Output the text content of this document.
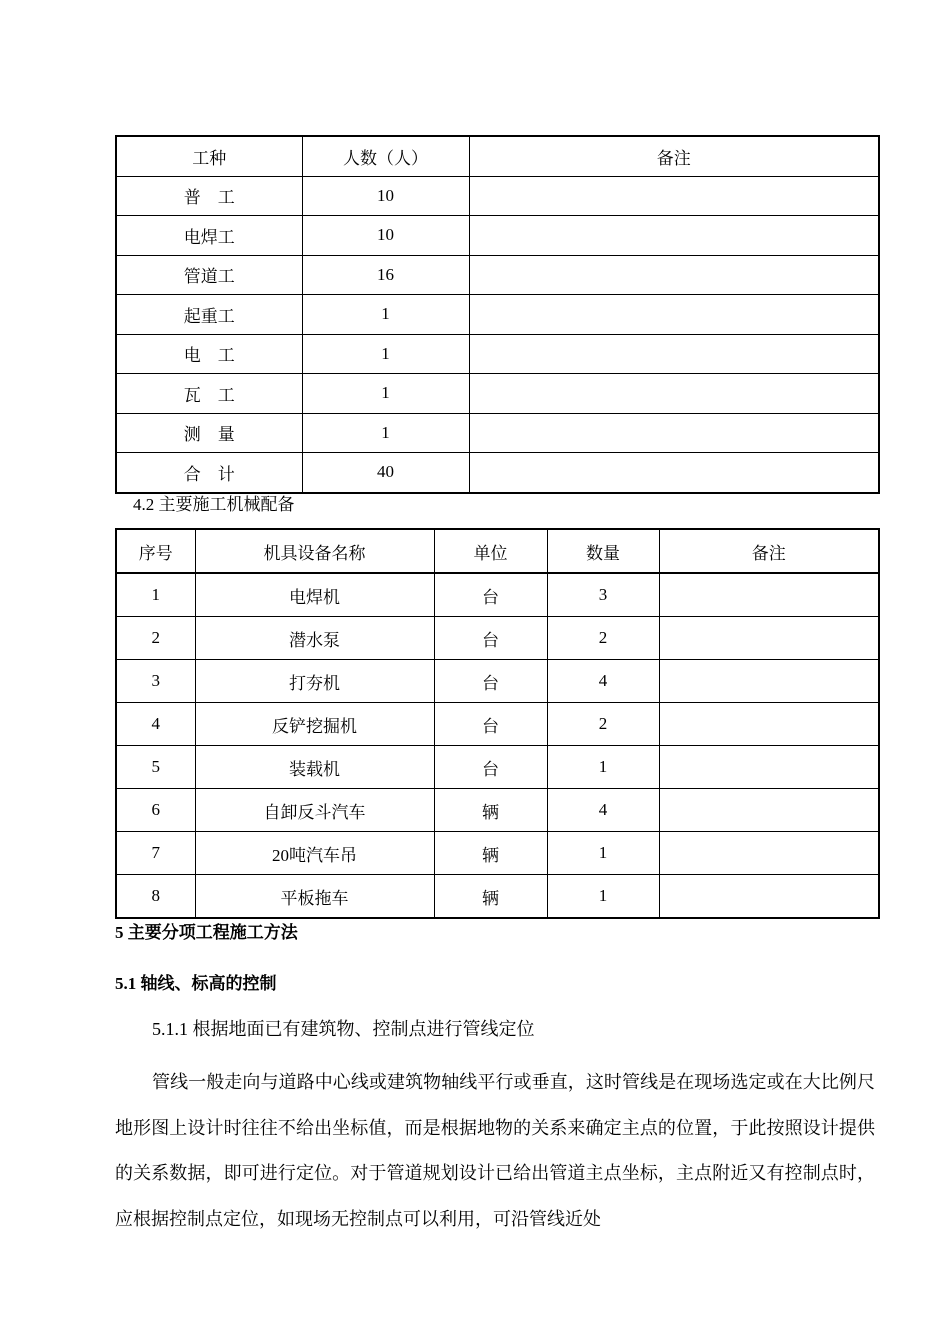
工种	人数（人）	备注
普　工	10	
电焊工	10	
管道工	16	
起重工	1	
电　工	1	
瓦　工	1	
测　量	1	
合　计	40	
4.2 主要施工机械配备
序号	机具设备名称	单位	数量	备注
1	电焊机	台	3	
2	潜水泵	台	2	
3	打夯机	台	4	
4	反铲挖掘机	台	2	
5	装载机	台	1	
6	自卸反斗汽车	辆	4	
7	20吨汽车吊	辆	1	
8	平板拖车	辆	1	
5 主要分项工程施工方法
5.1 轴线、标高的控制
5.1.1 根据地面已有建筑物、控制点进行管线定位

管线一般走向与道路中心线或建筑物轴线平行或垂直，这时管线是在现场选定或在大比例尺地形图上设计时往往不给出坐标值，而是根据地物的关系来确定主点的位置，于此按照设计提供的关系数据，即可进行定位。对于管道规划设计已给出管道主点坐标，主点附近又有控制点时，应根据控制点定位，如现场无控制点可以利用，可沿管线近处
